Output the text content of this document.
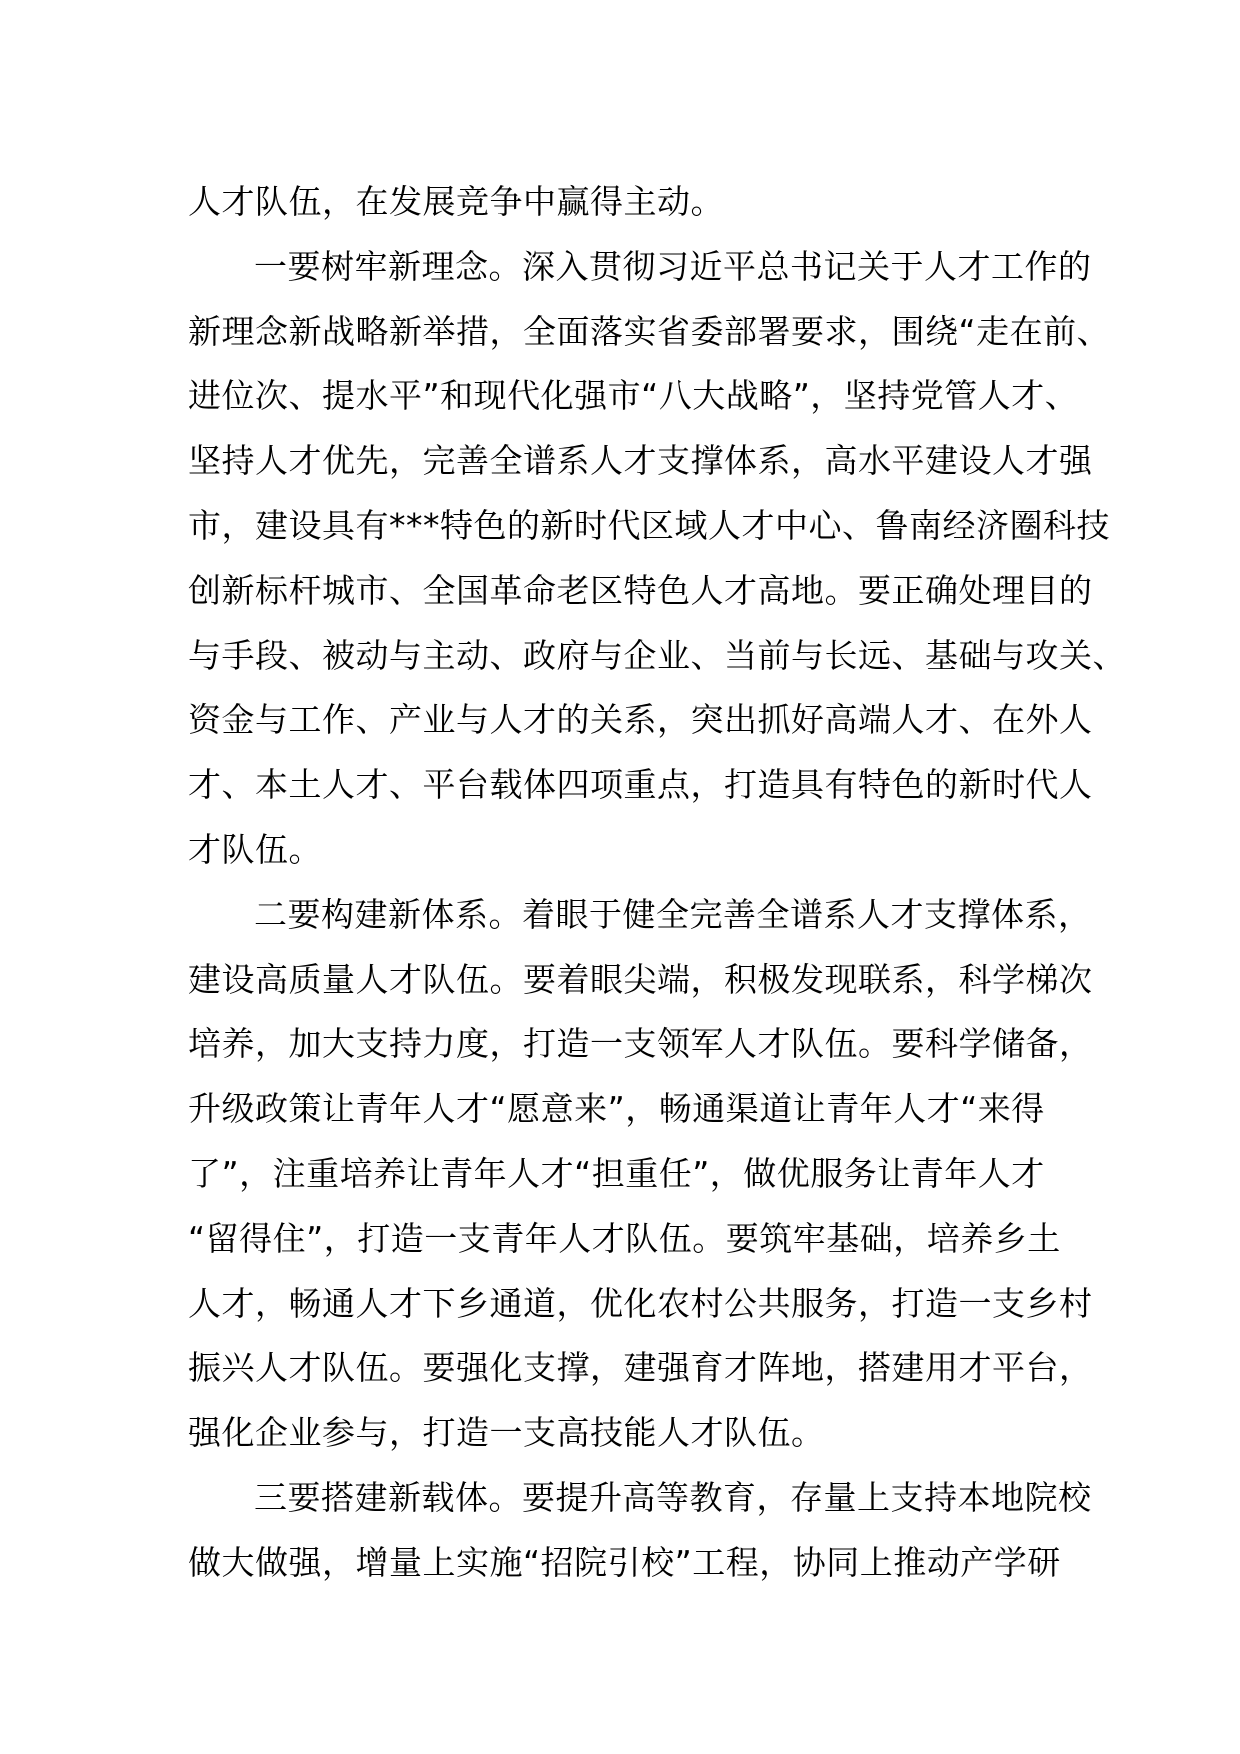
人才队伍，在发展竞争中赢得主动。
一要树牢新理念。深入贯彻习近平总书记关于人才工作的
新理念新战略新举措，全面落实省委部署要求，围绕“走在前、
进位次、提水平”和现代化强市“八大战略”，坚持党管人才、
坚持人才优先，完善全谱系人才支撑体系，高水平建设人才强
市，建设具有***特色的新时代区域人才中心、鲁南经济圈科技
创新标杆城市、全国革命老区特色人才高地。要正确处理目的
与手段、被动与主动、政府与企业、当前与长远、基础与攻关、
资金与工作、产业与人才的关系，突出抓好高端人才、在外人
才、本土人才、平台载体四项重点，打造具有特色的新时代人
才队伍。
二要构建新体系。着眼于健全完善全谱系人才支撑体系，
建设高质量人才队伍。要着眼尖端，积极发现联系，科学梯次
培养，加大支持力度，打造一支领军人才队伍。要科学储备，
升级政策让青年人才“愿意来”，畅通渠道让青年人才“来得
了”，注重培养让青年人才“担重任”，做优服务让青年人才
“留得住”，打造一支青年人才队伍。要筑牢基础，培养乡土
人才，畅通人才下乡通道，优化农村公共服务，打造一支乡村
振兴人才队伍。要强化支撑，建强育才阵地，搭建用才平台，
强化企业参与，打造一支高技能人才队伍。
三要搭建新载体。要提升高等教育，存量上支持本地院校
做大做强，增量上实施“招院引校”工程，协同上推动产学研
